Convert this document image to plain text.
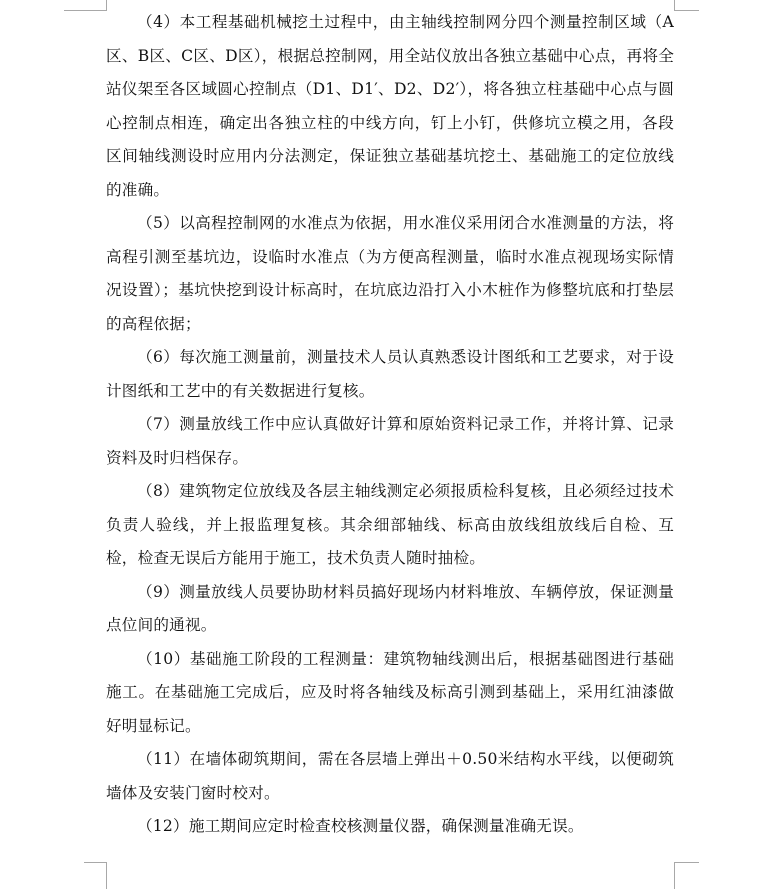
（4）本工程基础机械挖土过程中，由主轴线控制网分四个测量控制区域（A区、B区、C区、D区），根据总控制网，用全站仪放出各独立基础中心点，再将全站仪架至各区域圆心控制点（D1、D1′、D2、D2′），将各独立柱基础中心点与圆心控制点相连，确定出各独立柱的中线方向，钉上小钉，供修坑立模之用，各段区间轴线测设时应用内分法测定，保证独立基础基坑挖土、基础施工的定位放线的准确。

（5）以高程控制网的水准点为依据，用水准仪采用闭合水准测量的方法，将高程引测至基坑边，设临时水准点（为方便高程测量，临时水准点视现场实际情况设置）；基坑快挖到设计标高时，在坑底边沿打入小木桩作为修整坑底和打垫层的高程依据；

（6）每次施工测量前，测量技术人员认真熟悉设计图纸和工艺要求，对于设计图纸和工艺中的有关数据进行复核。

（7）测量放线工作中应认真做好计算和原始资料记录工作，并将计算、记录资料及时归档保存。

（8）建筑物定位放线及各层主轴线测定必须报质检科复核，且必须经过技术负责人验线，并上报监理复核。其余细部轴线、标高由放线组放线后自检、互检，检查无误后方能用于施工，技术负责人随时抽检。

（9）测量放线人员要协助材料员搞好现场内材料堆放、车辆停放，保证测量点位间的通视。

（10）基础施工阶段的工程测量：建筑物轴线测出后，根据基础图进行基础施工。在基础施工完成后，应及时将各轴线及标高引测到基础上，采用红油漆做好明显标记。

（11）在墙体砌筑期间，需在各层墙上弹出＋0.50米结构水平线，以便砌筑墙体及安装门窗时校对。

（12）施工期间应定时检查校核测量仪器，确保测量准确无误。
